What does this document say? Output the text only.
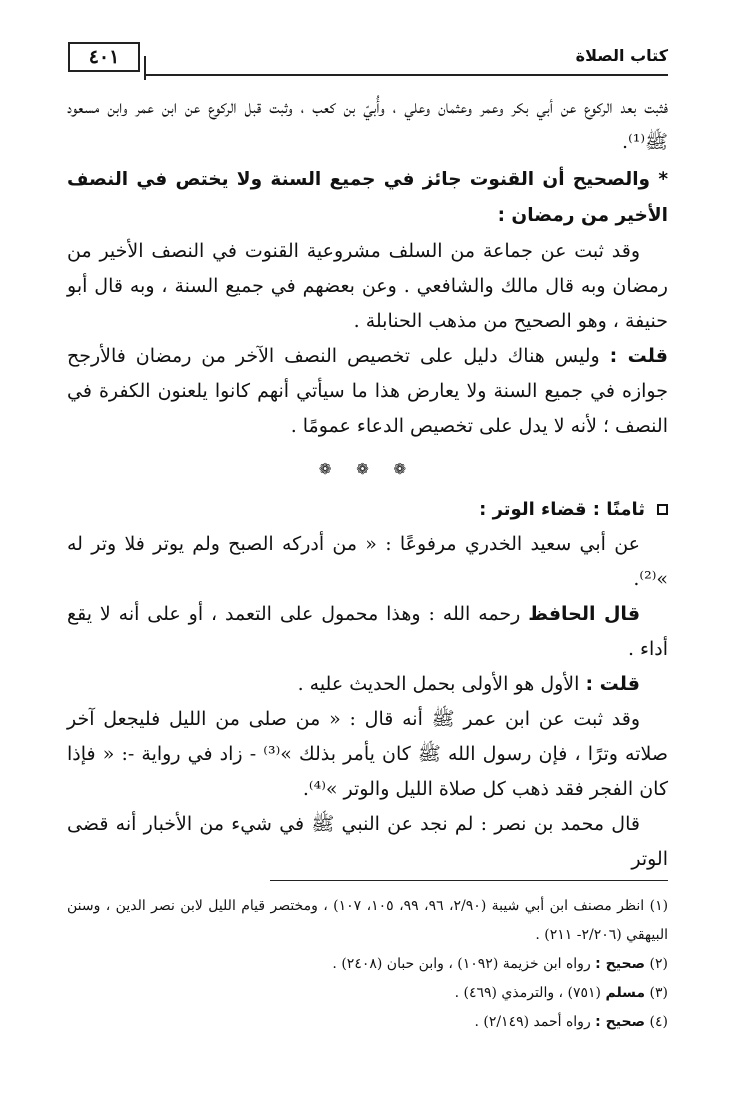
٤٠١	كتاب الصلاة

فثبت بعد الركوع عن أبي بكر وعمر وعثمان وعلي ، وأُبيّ بن كعب ، وثبت قبل الركوع عن ابن عمر وابن مسعود ﷺ⁽¹⁾.

* والصحيح أن القنوت جائز في جميع السنة ولا يختص في النصف الأخير من رمضان :

وقد ثبت عن جماعة من السلف مشروعية القنوت في النصف الأخير من رمضان وبه قال مالك والشافعي . وعن بعضهم في جميع السنة ، وبه قال أبو حنيفة ، وهو الصحيح من مذهب الحنابلة .

قلت : وليس هناك دليل على تخصيص النصف الآخر من رمضان فالأرجح جوازه في جميع السنة ولا يعارض هذا ما سيأتي أنهم كانوا يلعنون الكفرة في النصف ؛ لأنه لا يدل على تخصيص الدعاء عمومًا .

❁ ❁ ❁
ثامنًا : قضاء الوتر :

عن أبي سعيد الخدري مرفوعًا : « من أدركه الصبح ولم يوتر فلا وتر له »⁽²⁾.

قال الحافظ رحمه الله : وهذا محمول على التعمد ، أو على أنه لا يقع أداء .

قلت : الأول هو الأولى بحمل الحديث عليه .

وقد ثبت عن ابن عمر ﷺ أنه قال : « من صلى من الليل فليجعل آخر صلاته وترًا ، فإن رسول الله ﷺ كان يأمر بذلك »⁽³⁾ - زاد في رواية -: « فإذا كان الفجر فقد ذهب كل صلاة الليل والوتر »⁽⁴⁾.

قال محمد بن نصر : لم نجد عن النبي ﷺ في شيء من الأخبار أنه قضى الوتر

(١) انظر مصنف ابن أبي شيبة (٢/٩٠، ٩٦، ٩٩، ١٠٥، ١٠٧) ، ومختصر قيام الليل لابن نصر الدين ، وسنن البيهقي (٢/٢٠٦- ٢١١) .

(٢) صحيح : رواه ابن خزيمة (١٠٩٢) ، وابن حبان (٢٤٠٨) .

(٣) مسلم (٧٥١) ، والترمذي (٤٦٩) .

(٤) صحيح : رواه أحمد (٢/١٤٩) .
